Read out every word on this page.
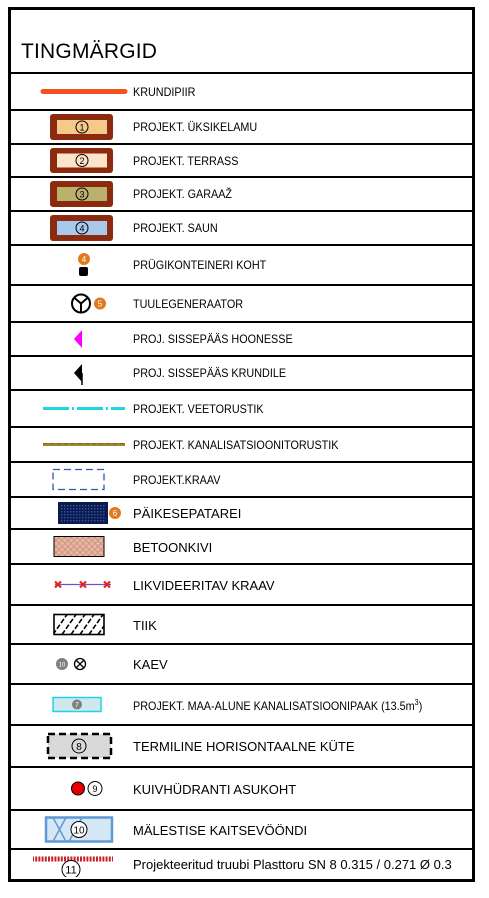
TINGMÄRGID
KRUNDIPIIR
1	PROJEKT. ÜKSIKELAMU
2	PROJEKT. TERRASS
3	PROJEKT. GARAAŽ
4	PROJEKT. SAUN
4	PRÜGIKONTEINERI KOHT
5	TUULEGENERAATOR
PROJ. SISSEPÄÄS HOONESSE
PROJ. SISSEPÄÄS KRUNDILE
PROJEKT. VEETORUSTIK
PROJEKT. KANALISATSIOONITORUSTIK
PROJEKT.KRAAV
6 PÄIKESEPATAREI
BETOONKIVI
LIKVIDEERITAV KRAAV
TIIK
10	KAEV
7	PROJEKT. MAA-ALUNE KANALISATSIOONIPAAK $(13.5m^3)$
8	TERMILINE HORISONTAALNE KÜTE
9	KUIVHÜDRANTI ASUKOHT
10	MÄLESTISE KAITSEVÖÖNDI
11	Projekteeritud truubi Plasttoru SN 8 0.315 / 0.271 Ø 0.3
